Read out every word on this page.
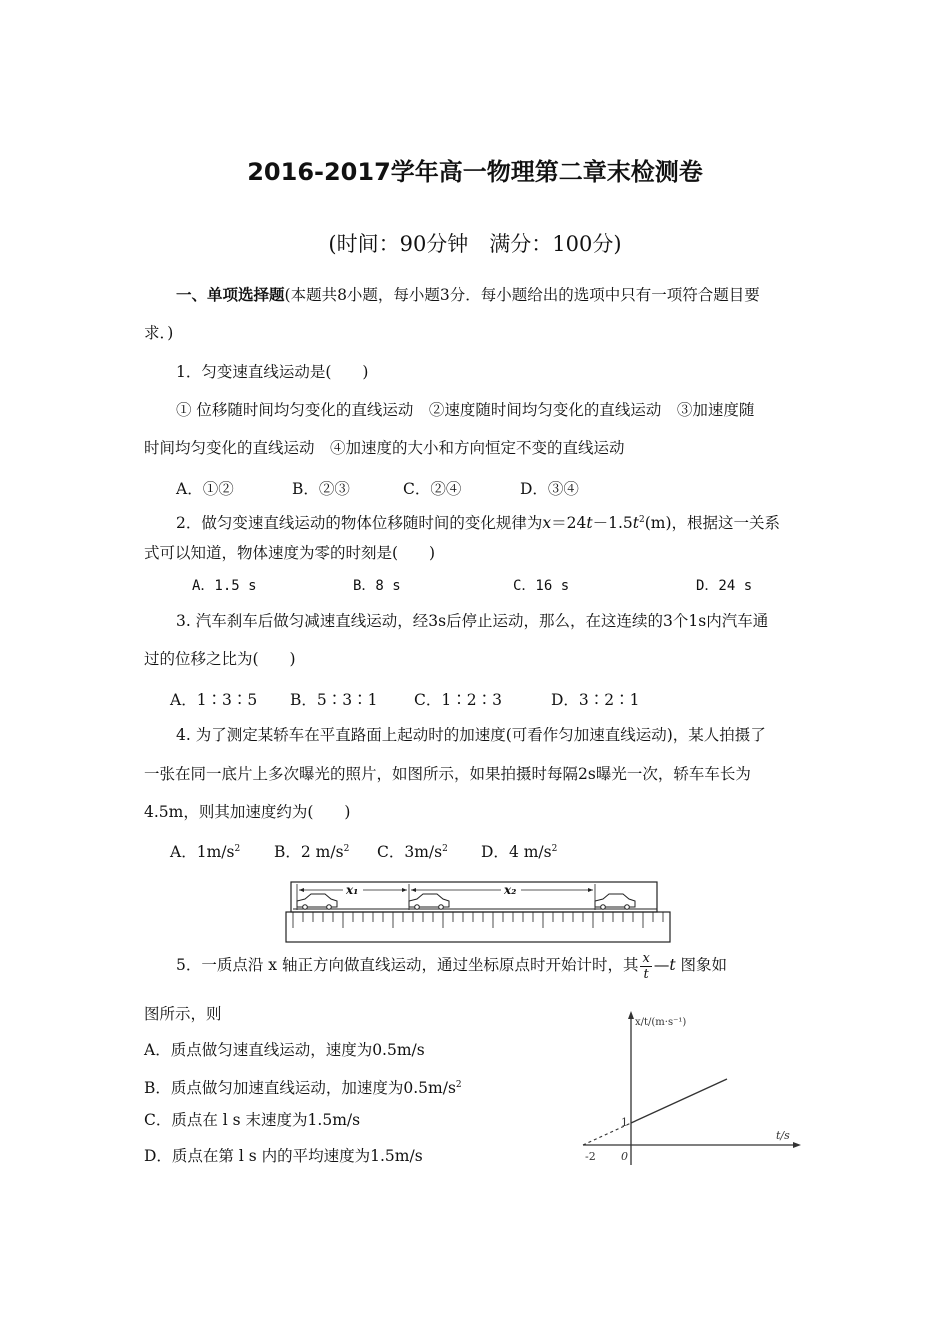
2016-2017学年高一物理第二章末检测卷
(时间：90分钟　满分：100分)
一、单项选择题(本题共8小题，每小题3分．每小题给出的选项中只有一项符合题目要
求．)
1．匀变速直线运动是(　　)
① 位移随时间均匀变化的直线运动　②速度随时间均匀变化的直线运动　③加速度随
时间均匀变化的直线运动　④加速度的大小和方向恒定不变的直线运动
A．①②	B．②③	C．②④	D．③④
2．做匀变速直线运动的物体位移随时间的变化规律为$x=24t-1.5t^2(m)$，根据这一关系
式可以知道，物体速度为零的时刻是(　　)
A．1.5 s	B．8 s	C．16 s	D．24 s
3. 汽车刹车后做匀减速直线运动，经3s后停止运动，那么，在这连续的3个1s内汽车通
过的位移之比为(　　)
A．1∶3∶5 B．5∶3∶1 C．1∶2∶3	D．3∶2∶1
4. 为了测定某轿车在平直路面上起动时的加速度(可看作匀加速直线运动)，某人拍摄了
一张在同一底片上多次曝光的照片，如图所示，如果拍摄时每隔2s曝光一次，轿车车长为
4.5m，则其加速度约为(　　)
A．$1m/s^2$ B．2 $m/s^2$ C．$3m/s^2$ D．4 $m/s^2$
x₁	x₂
5．一质点沿 x 轴正方向做直线运动，通过坐标原点时开始计时，其 $\frac{x}{t}$ —t 图象如
图所示，则
A．质点做匀速直线运动，速度为0.5m/s
B．质点做匀加速直线运动，加速度为$0.5m/s^2$
C．质点在 l s 末速度为1.5m/s
D．质点在第 l s 内的平均速度为1.5m/s
x/t/(m·s⁻¹)
t/s
1
-2 0
